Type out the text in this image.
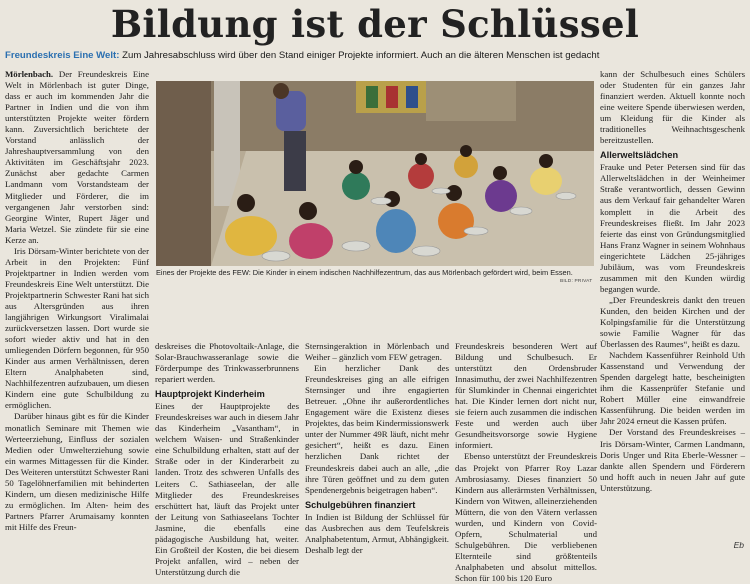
Bildung ist der Schlüssel
Freundeskreis Eine Welt: Zum Jahresabschluss wird über den Stand einiger Projekte informiert. Auch an die älteren Menschen ist gedacht

Mörlenbach. Der Freundeskreis Eine Welt in Mörlenbach ist guter Dinge, dass er auch im kommenden Jahr die Partner in Indien und die von ihm unterstützten Projekte weiter fördern kann. Zuversichtlich berichtete der Vorstand anlässlich der Jahreshauptversammlung von den Aktivitäten im Geschäftsjahr 2023. Zunächst aber gedachte Carmen Landmann vom Vorstandsteam der Mitglieder und Förderer, die im vergangenen Jahr verstorben sind: Georgine Winter, Rupert Jäger und Maria Wetzel. Sie zündete für sie eine Kerze an.

Iris Dörsam-Winter berichtete von der Arbeit in den Projekten: Fünf Projektpartner in Indien werden vom Freundeskreis Eine Welt unterstützt. Die Projektpartnerin Schwester Rani hat sich aus Altersgründen aus ihren langjährigen Wirkungsort Viralimalai zurückversetzen lassen. Dort wurde sie sofort wieder aktiv und hat in den umliegenden Dörfern begonnen, für 950 Kinder aus armen Verhältnissen, deren Eltern Analphabeten sind, Nachhilfezentren aufzubauen, um diesen Kindern eine gute Schulbildung zu ermöglichen.

Darüber hinaus gibt es für die Kinder monatlich Seminare mit Themen wie Werteerziehung, Einfluss der sozialen Medien oder Umwelterziehung sowie ein warmes Mittagessen für die Kinder. Des Weiteren unterstützt Schwester Rani 50 Tagelöhnerfamilien mit behinderten Kindern, um diesen medizinische Hilfe zu ermöglichen. Im Alten- heim des Partners Pfarrer Arumaisamy konnten mit Hilfe des Freun-

Eines der Projekte des FEW: Die Kinder in einem indischen Nachhilfezentrum, das aus Mörlenbach gefördert wird, beim Essen.
BILD: PRIVAT

deskreises die Photovoltaik-Anlage, die Solar-Brauchwasseranlage sowie die Förderpumpe des Trinkwasserbrunnens repariert werden.

Hauptprojekt Kinderheim

Eines der Hauptprojekte des Freundeskreises war auch in diesem Jahr das Kinderheim „Vasantham“, in welchem Waisen- und Straßenkinder eine Schulbildung erhalten, statt auf der Straße oder in der Kinderarbeit zu landen. Trotz des schweren Unfalls des Leiters C. Sathiaseelan, der alle Mitglieder des Freundeskreises erschüttert hat, läuft das Projekt unter der Leitung von Sathiaseelans Tochter Jasmine, die ebenfalls eine pädagogische Ausbildung hat, weiter. Ein Großteil der Kosten, die bei diesem Projekt anfallen, wird – neben der Unterstützung durch die

Sternsingeraktion in Mörlenbach und Weiher – gänzlich vom FEW getragen.

Ein herzlicher Dank des Freundeskreises ging an alle eifrigen Sternsinger und ihre engagierten Betreuer. „Ohne ihr außerordentliches Engagement wäre die Existenz dieses Projektes, das beim Kindermissionswerk unter der Nummer 49R läuft, nicht mehr gesichert“, heißt es dazu. Einen herzlichen Dank richtet der Freundeskreis dabei auch an alle, „die ihre Türen geöffnet und zu dem guten Spendenergebnis beigetragen haben“.

Schulgebühren finanziert

In Indien ist Bildung der Schlüssel für das Ausbrechen aus dem Teufelskreis Analphabetentum, Armut, Abhängigkeit. Deshalb legt der

Freundeskreis besonderen Wert auf Bildung und Schulbesuch. Er unterstützt den Ordensbruder Innasimuthu, der zwei Nachhilfezentren für Slumkinder in Chennai eingerichtet hat. Die Kinder lernen dort nicht nur, sie feiern auch zusammen die indischen Feste und werden auch über Gesundheitsvorsorge sowie Hygiene informiert.

Ebenso unterstützt der Freundeskreis das Projekt von Pfarrer Roy Lazar Ambrosiasamy. Dieses finanziert 50 Kindern aus allerärmsten Verhältnissen, Kindern von Witwen, alleinerziehenden Müttern, die von den Vätern verlassen wurden, und Kindern von Covid-Opfern, Schulmaterial und Schulgebühren. Die verbliebenen Elternteile sind größtenteils Analphabeten und absolut mittellos. Schon für 100 bis 120 Euro

kann der Schulbesuch eines Schülers oder Studenten für ein ganzes Jahr finanziert werden. Aktuell konnte noch eine weitere Spende überwiesen werden, um Kleidung für die Kinder als traditionelles Weihnachtsgeschenk bereitzustellen.

Allerweltslädchen

Frauke und Peter Petersen sind für das Allerweltslädchen in der Weinheimer Straße verantwortlich, dessen Gewinn aus dem Verkauf fair gehandelter Waren komplett in die Arbeit des Freundeskreises fließt. Im Jahr 2023 feierte das einst von Gründungsmitglied Hans Franz Wagner in seinem Wohnhaus eingerichtete Lädchen 25-jähriges Jubiläum, was vom Freundeskreis zusammen mit den Kunden würdig begangen wurde.

„Der Freundeskreis dankt den treuen Kunden, den beiden Kirchen und der Kolpingsfamilie für die Unterstützung sowie Familie Wagner für das Überlassen des Raumes“, heißt es dazu.

Nachdem Kassenführer Reinhold Uth Kassenstand und Verwendung der Spenden dargelegt hatte, bescheinigten ihm die Kassenprüfer Stefanie und Robert Müller eine einwandfreie Kassenführung. Die beiden werden im Jahr 2024 erneut die Kassen prüfen.

Der Vorstand des Freundeskreises – Iris Dörsam-Winter, Carmen Landmann, Doris Unger und Rita Eberle-Wessner – dankte allen Spendern und Förderern und hofft auch in neuen Jahr auf gute Unterstützung.

Eb
